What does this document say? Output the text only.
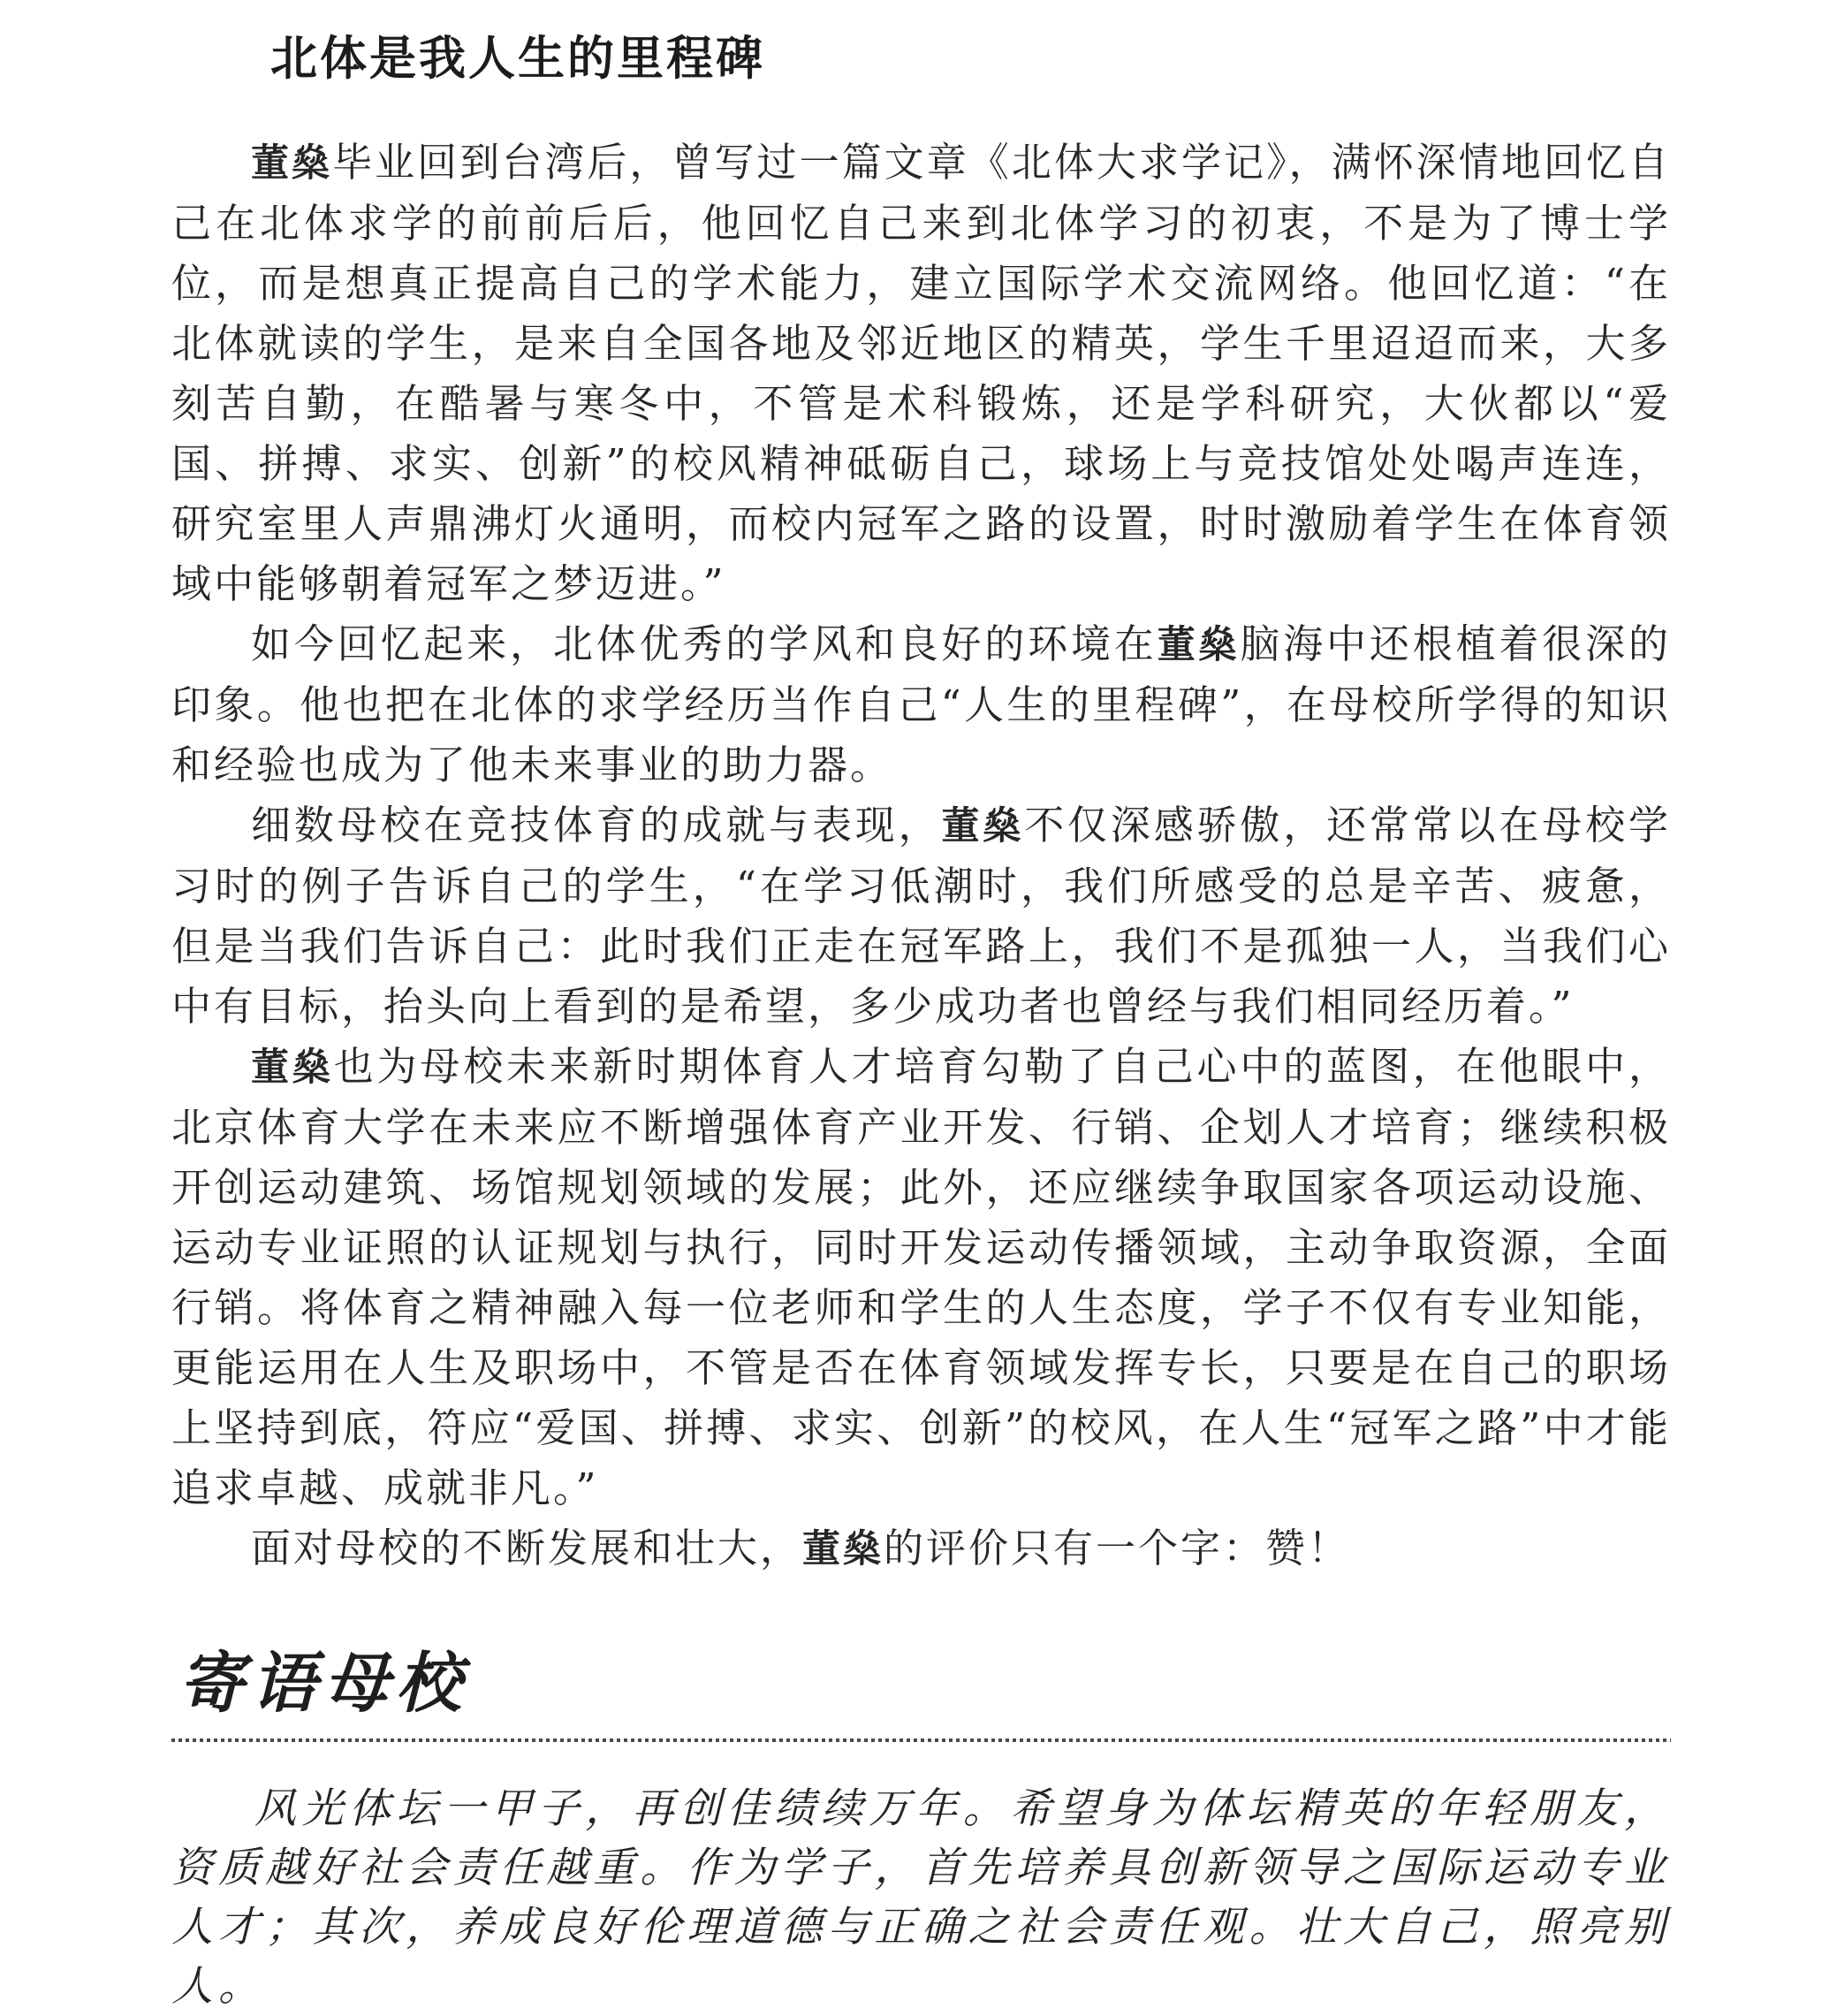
北体是我人生的里程碑

董燊毕业回到台湾后，曾写过一篇文章《北体大求学记》，满怀深情地回忆自己在北体求学的前前后后，他回忆自己来到北体学习的初衷，不是为了博士学位，而是想真正提高自己的学术能力，建立国际学术交流网络。他回忆道：“在北体就读的学生，是来自全国各地及邻近地区的精英，学生千里迢迢而来，大多刻苦自勤，在酷暑与寒冬中，不管是术科锻炼，还是学科研究，大伙都以“爱国、拼搏、求实、创新”的校风精神砥砺自己，球场上与竞技馆处处喝声连连，研究室里人声鼎沸灯火通明，而校内冠军之路的设置，时时激励着学生在体育领域中能够朝着冠军之梦迈进。”

如今回忆起来，北体优秀的学风和良好的环境在董燊脑海中还根植着很深的印象。他也把在北体的求学经历当作自己“人生的里程碑”，在母校所学得的知识和经验也成为了他未来事业的助力器。

细数母校在竞技体育的成就与表现，董燊不仅深感骄傲，还常常以在母校学习时的例子告诉自己的学生，“在学习低潮时，我们所感受的总是辛苦、疲惫，但是当我们告诉自己：此时我们正走在冠军路上，我们不是孤独一人，当我们心中有目标，抬头向上看到的是希望，多少成功者也曾经与我们相同经历着。”

董燊也为母校未来新时期体育人才培育勾勒了自己心中的蓝图，在他眼中，北京体育大学在未来应不断增强体育产业开发、行销、企划人才培育；继续积极开创运动建筑、场馆规划领域的发展；此外，还应继续争取国家各项运动设施、运动专业证照的认证规划与执行，同时开发运动传播领域，主动争取资源，全面行销。将体育之精神融入每一位老师和学生的人生态度，学子不仅有专业知能，更能运用在人生及职场中，不管是否在体育领域发挥专长，只要是在自己的职场上坚持到底，符应“爱国、拼搏、求实、创新”的校风，在人生“冠军之路”中才能追求卓越、成就非凡。”

面对母校的不断发展和壮大，董燊的评价只有一个字：赞！

寄语母校

风光体坛一甲子，再创佳绩续万年。希望身为体坛精英的年轻朋友，资质越好社会责任越重。作为学子，首先培养具创新领导之国际运动专业人才；其次，养成良好伦理道德与正确之社会责任观。壮大自己，照亮别人。
